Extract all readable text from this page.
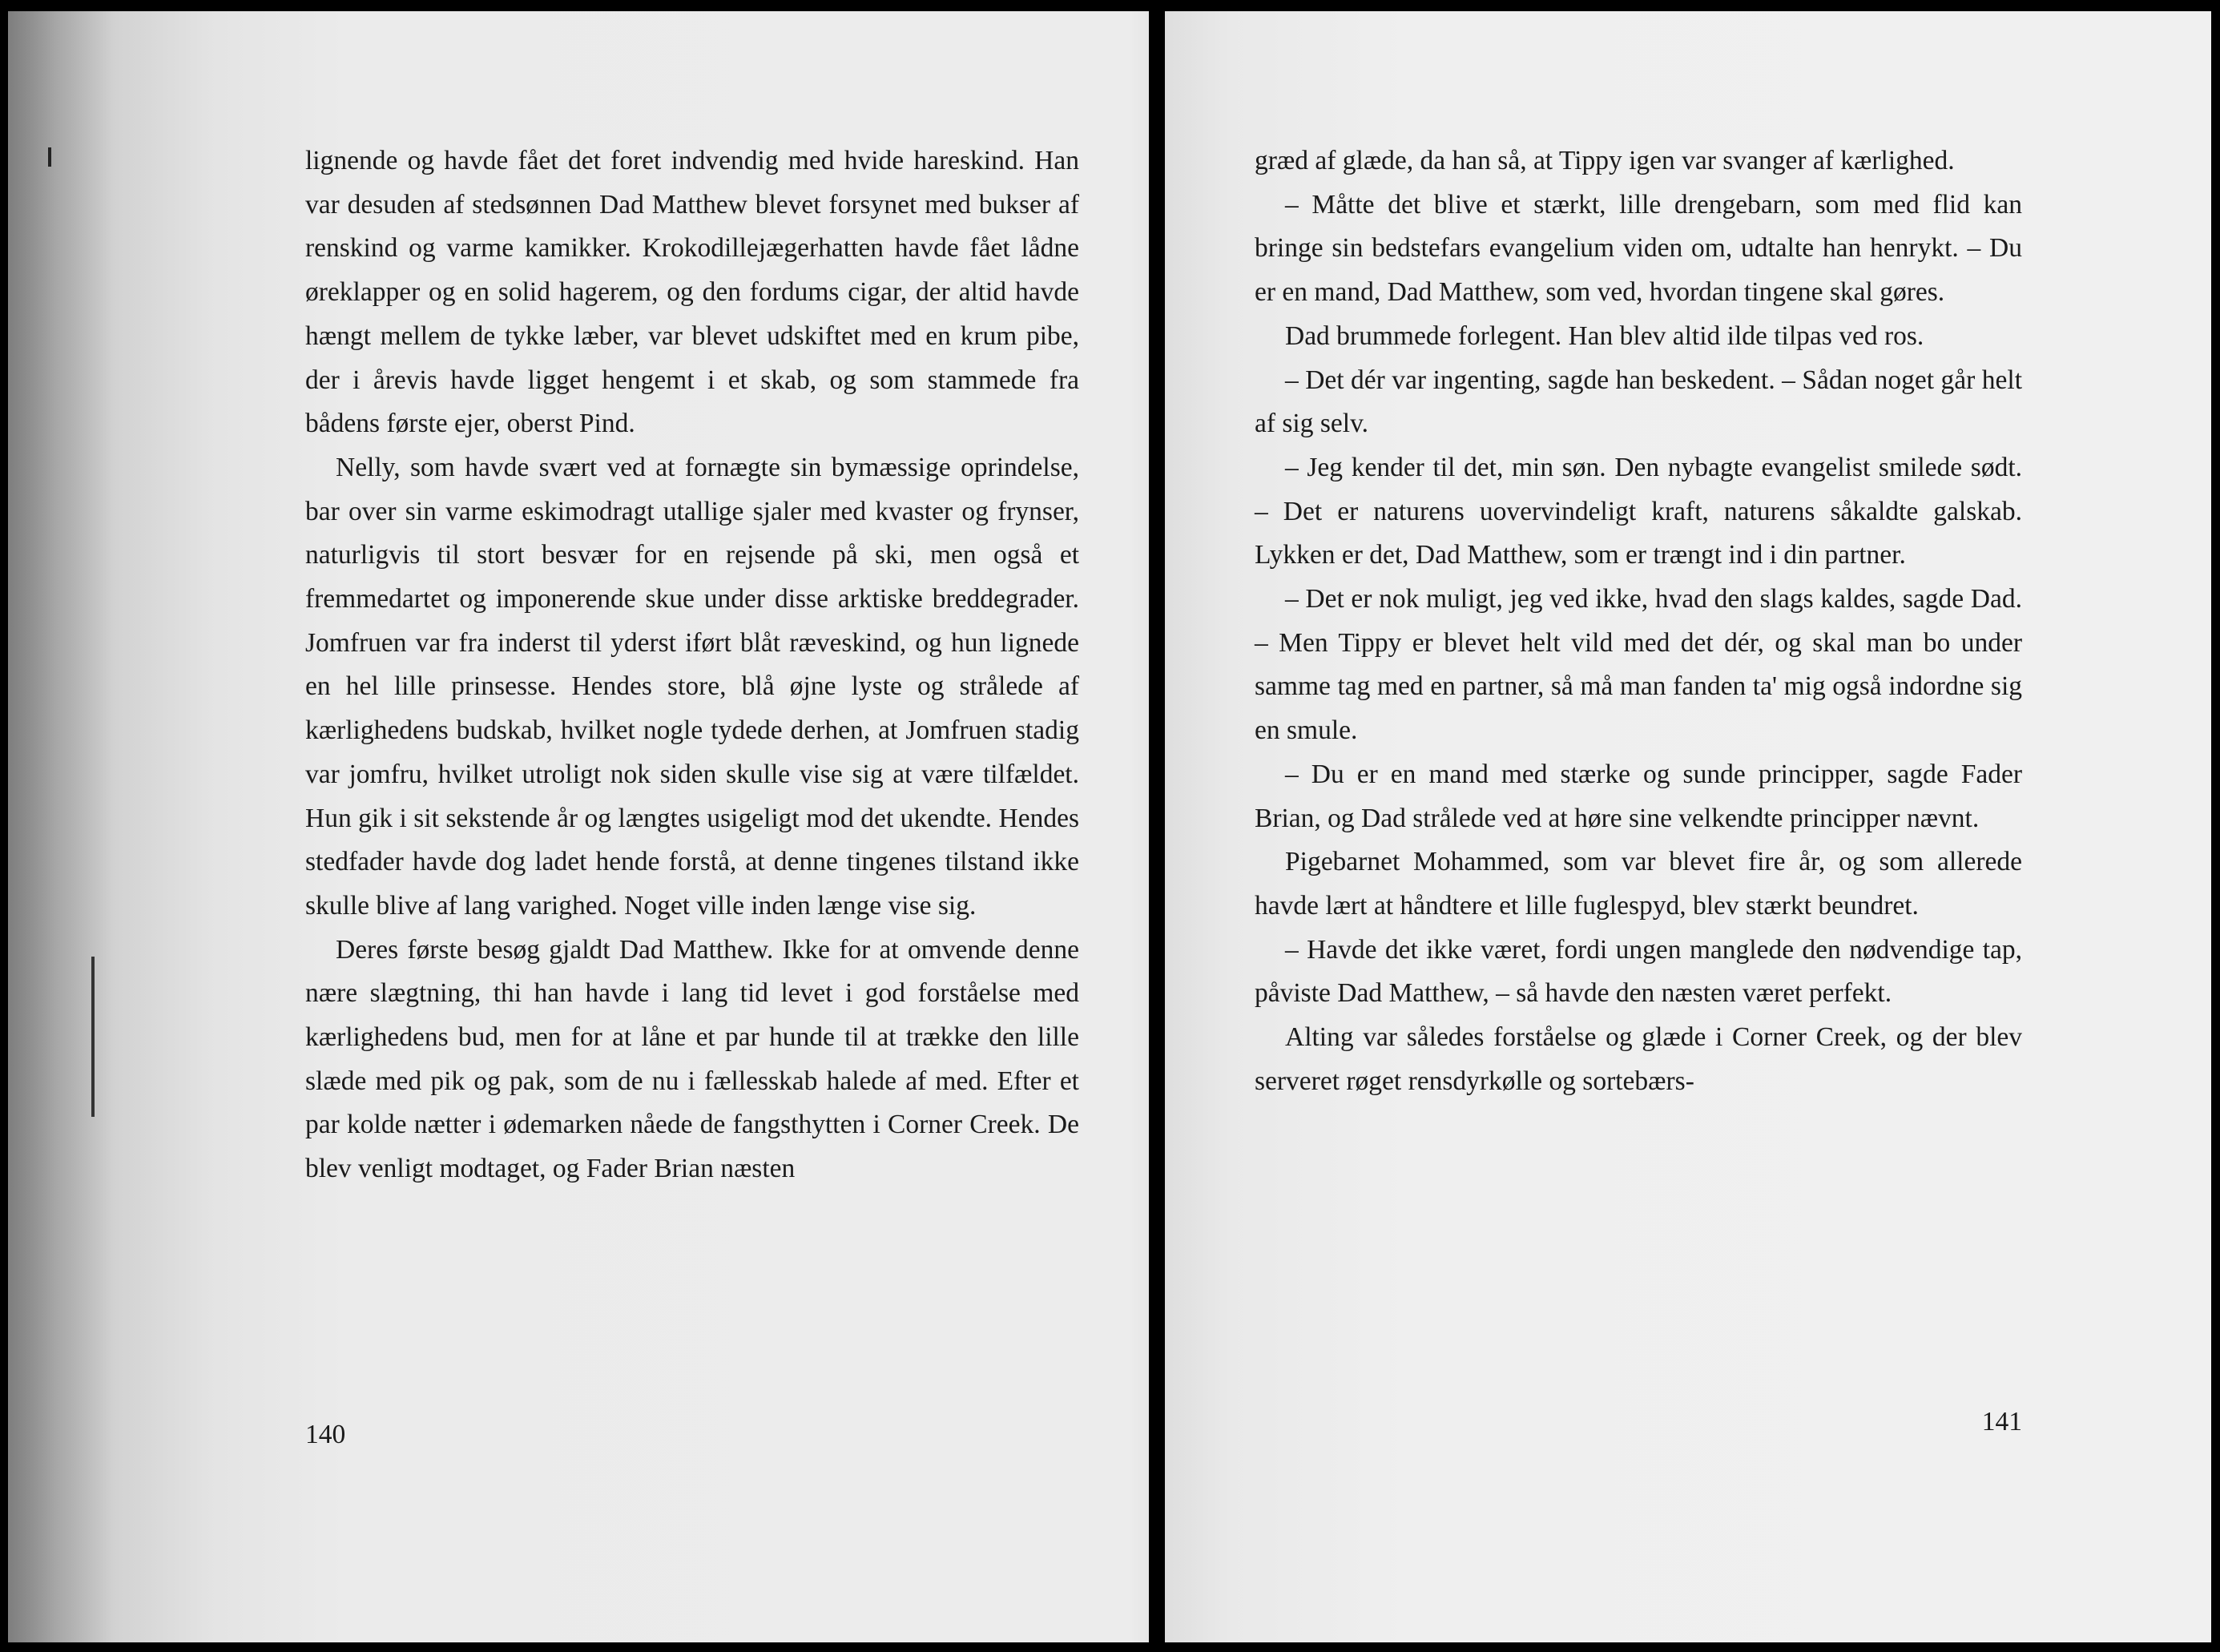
lignende og havde fået det foret indvendig med hvide hareskind. Han var desuden af stedsønnen Dad Matthew blevet forsynet med bukser af renskind og varme kamikker. Krokodillejægerhatten havde fået lådne øreklapper og en solid hagerem, og den fordums cigar, der altid havde hængt mellem de tykke læber, var blevet udskiftet med en krum pibe, der i årevis havde ligget hengemt i et skab, og som stammede fra bådens første ejer, oberst Pind.

Nelly, som havde svært ved at fornægte sin bymæssige oprindelse, bar over sin varme eskimodragt utallige sjaler med kvaster og frynser, naturligvis til stort besvær for en rejsende på ski, men også et fremmedartet og imponerende skue under disse arktiske breddegrader. Jomfruen var fra inderst til yderst iført blåt ræveskind, og hun lignede en hel lille prinsesse. Hendes store, blå øjne lyste og strålede af kærlighedens budskab, hvilket nogle tydede derhen, at Jomfruen stadig var jomfru, hvilket utroligt nok siden skulle vise sig at være tilfældet. Hun gik i sit sekstende år og længtes usigeligt mod det ukendte. Hendes stedfader havde dog ladet hende forstå, at denne tingenes tilstand ikke skulle blive af lang varighed. Noget ville inden længe vise sig.

Deres første besøg gjaldt Dad Matthew. Ikke for at omvende denne nære slægtning, thi han havde i lang tid levet i god forståelse med kærlighedens bud, men for at låne et par hunde til at trække den lille slæde med pik og pak, som de nu i fællesskab halede af med. Efter et par kolde nætter i ødemarken nåede de fangsthytten i Corner Creek. De blev venligt modtaget, og Fader Brian næsten

140

græd af glæde, da han så, at Tippy igen var svanger af kærlighed.

– Måtte det blive et stærkt, lille drengebarn, som med flid kan bringe sin bedstefars evangelium viden om, udtalte han henrykt. – Du er en mand, Dad Matthew, som ved, hvordan tingene skal gøres.

Dad brummede forlegent. Han blev altid ilde tilpas ved ros.

– Det dér var ingenting, sagde han beskedent. – Sådan noget går helt af sig selv.

– Jeg kender til det, min søn. Den nybagte evangelist smilede sødt. – Det er naturens uovervindeligt kraft, naturens såkaldte galskab. Lykken er det, Dad Matthew, som er trængt ind i din partner.

– Det er nok muligt, jeg ved ikke, hvad den slags kaldes, sagde Dad. – Men Tippy er blevet helt vild med det dér, og skal man bo under samme tag med en partner, så må man fanden ta' mig også indordne sig en smule.

– Du er en mand med stærke og sunde principper, sagde Fader Brian, og Dad strålede ved at høre sine velkendte principper nævnt.

Pigebarnet Mohammed, som var blevet fire år, og som allerede havde lært at håndtere et lille fuglespyd, blev stærkt beundret.

– Havde det ikke været, fordi ungen manglede den nødvendige tap, påviste Dad Matthew, – så havde den næsten været perfekt.

Alting var således forståelse og glæde i Corner Creek, og der blev serveret røget rensdyrkølle og sortebærs-

141
